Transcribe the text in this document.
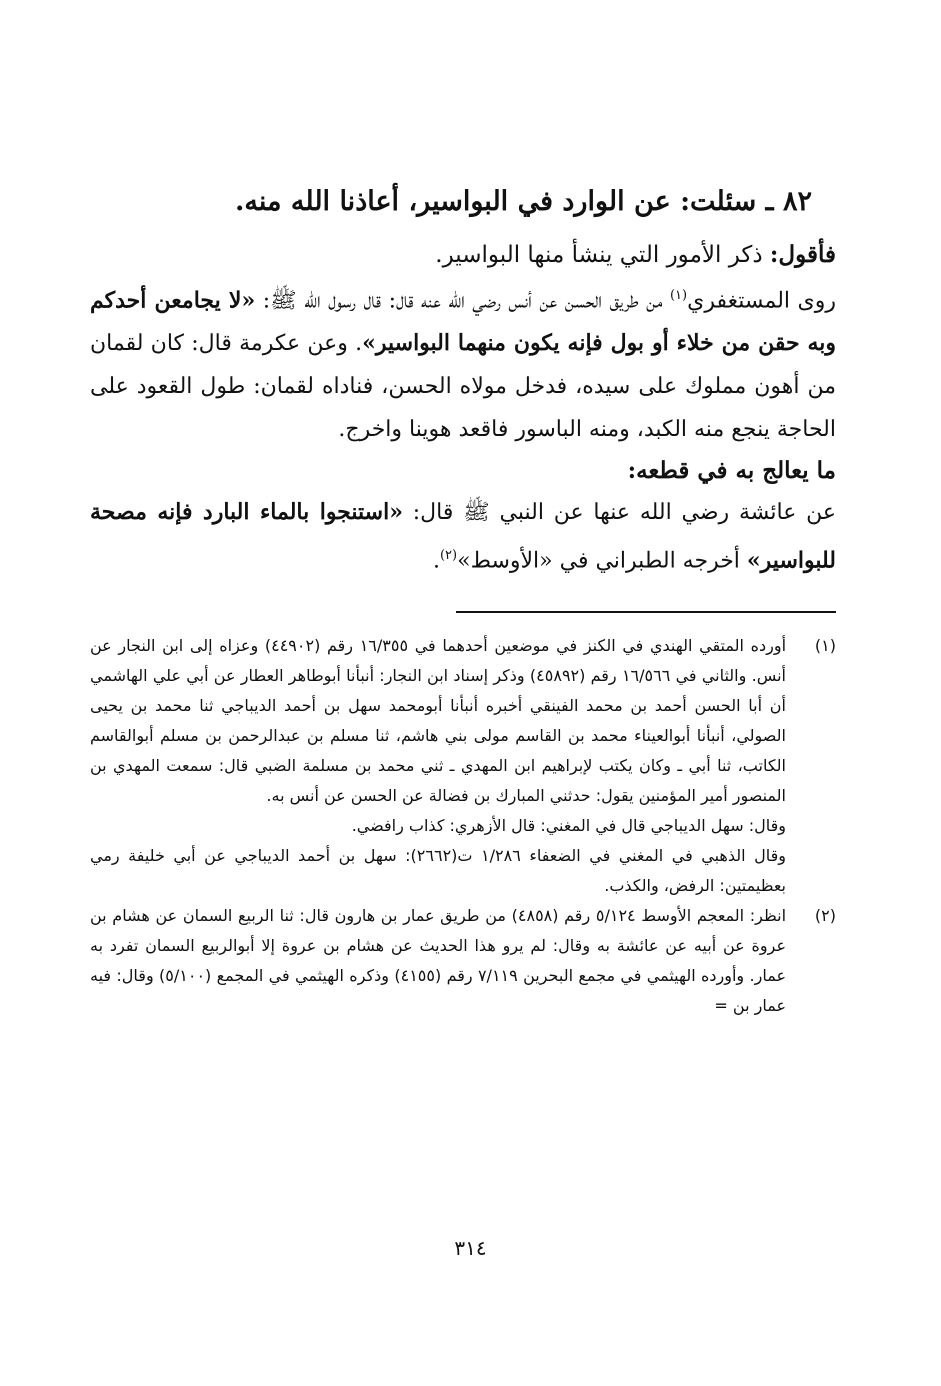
٨٢ ـ سئلت: عن الوارد في البواسير، أعاذنا الله منه.

فأقول: ذكر الأمور التي ينشأ منها البواسير.

روى المستغفري$^{(١)}$ من طريق الحسن عن أنس رضي الله عنه قال: قال رسول الله ﷺ: «لا يجامعن أحدكم وبه حقن من خلاء أو بول فإنه يكون منهما البواسير». وعن عكرمة قال: كان لقمان من أهون مملوك على سيده، فدخل مولاه الحسن، فناداه لقمان: طول القعود على الحاجة ينجع منه الكبد، ومنه الباسور فاقعد هوينا واخرج.

ما يعالج به في قطعه:

عن عائشة رضي الله عنها عن النبي ﷺ قال: «استنجوا بالماء البارد فإنه مصحة للبواسير» أخرجه الطبراني في «الأوسط»$^{(٢)}$.

(١)

أورده المتقي الهندي في الكنز في موضعين أحدهما في ١٦/٣٥٥ رقم (٤٤٩٠٢) وعزاه إلى ابن النجار عن أنس. والثاني في ١٦/٥٦٦ رقم (٤٥٨٩٢) وذكر إسناد ابن النجار: أنبأنا أبوطاهر العطار عن أبي علي الهاشمي أن أبا الحسن أحمد بن محمد الفينقي أخبره أنبأنا أبومحمد سهل بن أحمد الديباجي ثنا محمد بن يحيى الصولي، أنبأنا أبوالعيناء محمد بن القاسم مولى بني هاشم، ثنا مسلم بن عبدالرحمن بن مسلم أبوالقاسم الكاتب، ثنا أبي ـ وكان يكتب لإبراهيم ابن المهدي ـ ثني محمد بن مسلمة الضبي قال: سمعت المهدي بن المنصور أمير المؤمنين يقول: حدثني المبارك بن فضالة عن الحسن عن أنس به.

وقال: سهل الديباجي قال في المغني: قال الأزهري: كذاب رافضي.

وقال الذهبي في المغني في الضعفاء ١/٢٨٦ ت(٢٦٦٢): سهل بن أحمد الديباجي عن أبي خليفة رمي بعظيمتين: الرفض، والكذب.

(٢)

انظر: المعجم الأوسط ٥/١٢٤ رقم (٤٨٥٨) من طريق عمار بن هارون قال: ثنا الربيع السمان عن هشام بن عروة عن أبيه عن عائشة به وقال: لم يرو هذا الحديث عن هشام بن عروة إلا أبوالربيع السمان تفرد به عمار. وأورده الهيثمي في مجمع البحرين ٧/١١٩ رقم (٤١٥٥) وذكره الهيثمي في المجمع (٥/١٠٠) وقال: فيه عمار بن =

٣١٤
